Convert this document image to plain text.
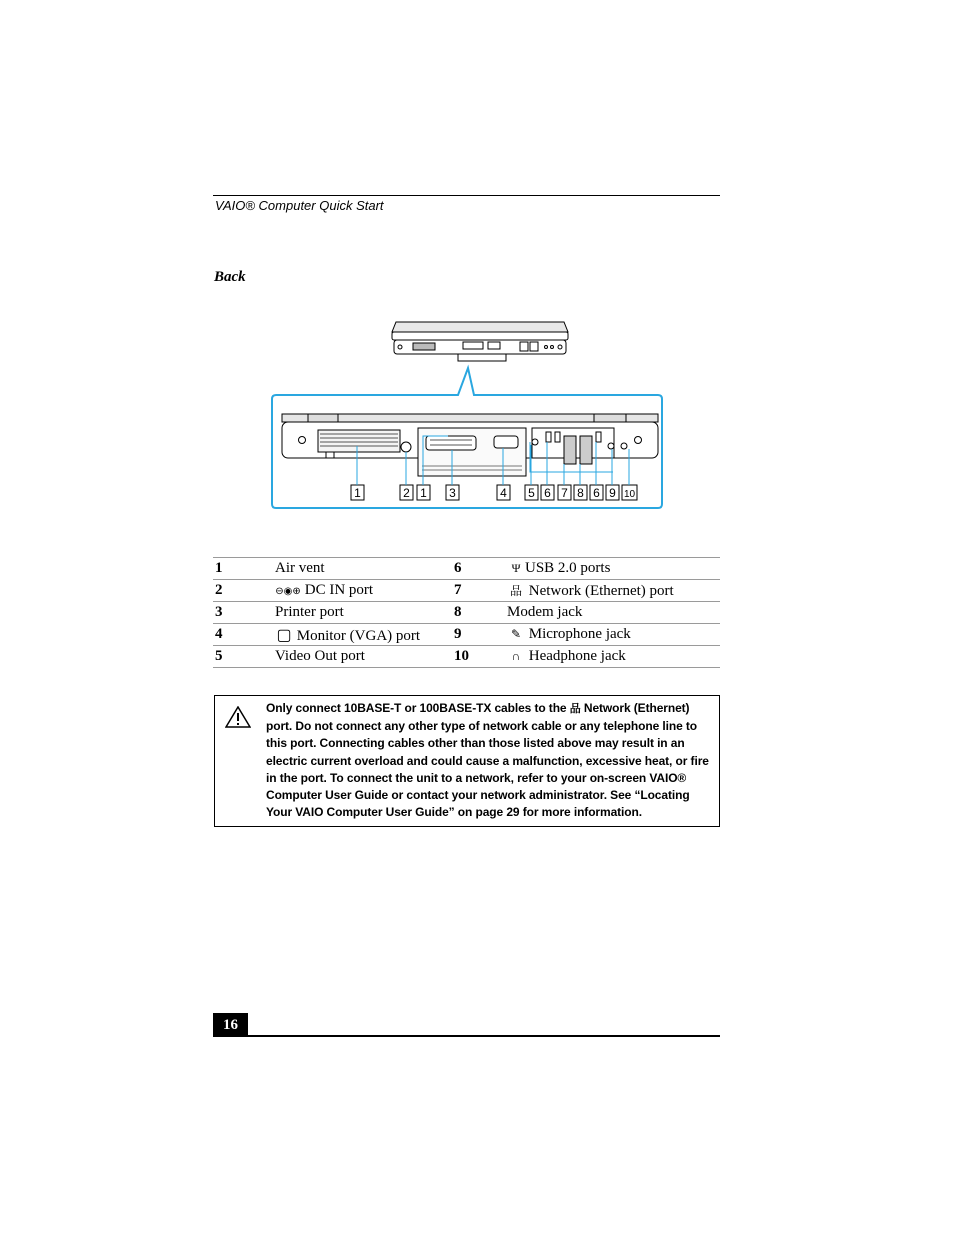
VAIO® Computer Quick Start
Back
1	2 1 3	4 5 6 7 8 6 9 10
1	Air vent	6	Ψ USB 2.0 ports
2	⊖◉⊕ DC IN port	7	品 Network (Ethernet) port
3	Printer port	8	Modem jack
4	▢ Monitor (VGA) port	9	✎ Microphone jack
5	Video Out port	10	∩ Headphone jack
Only connect 10BASE-T or 100BASE-TX cables to the 品 Network (Ethernet) port. Do not connect any other type of network cable or any telephone line to this port. Connecting cables other than those listed above may result in an electric current overload and could cause a malfunction, excessive heat, or fire in the port. To connect the unit to a network, refer to your on-screen VAIO® Computer User Guide or contact your network administrator. See “Locating Your VAIO Computer User Guide” on page 29 for more information.
16
